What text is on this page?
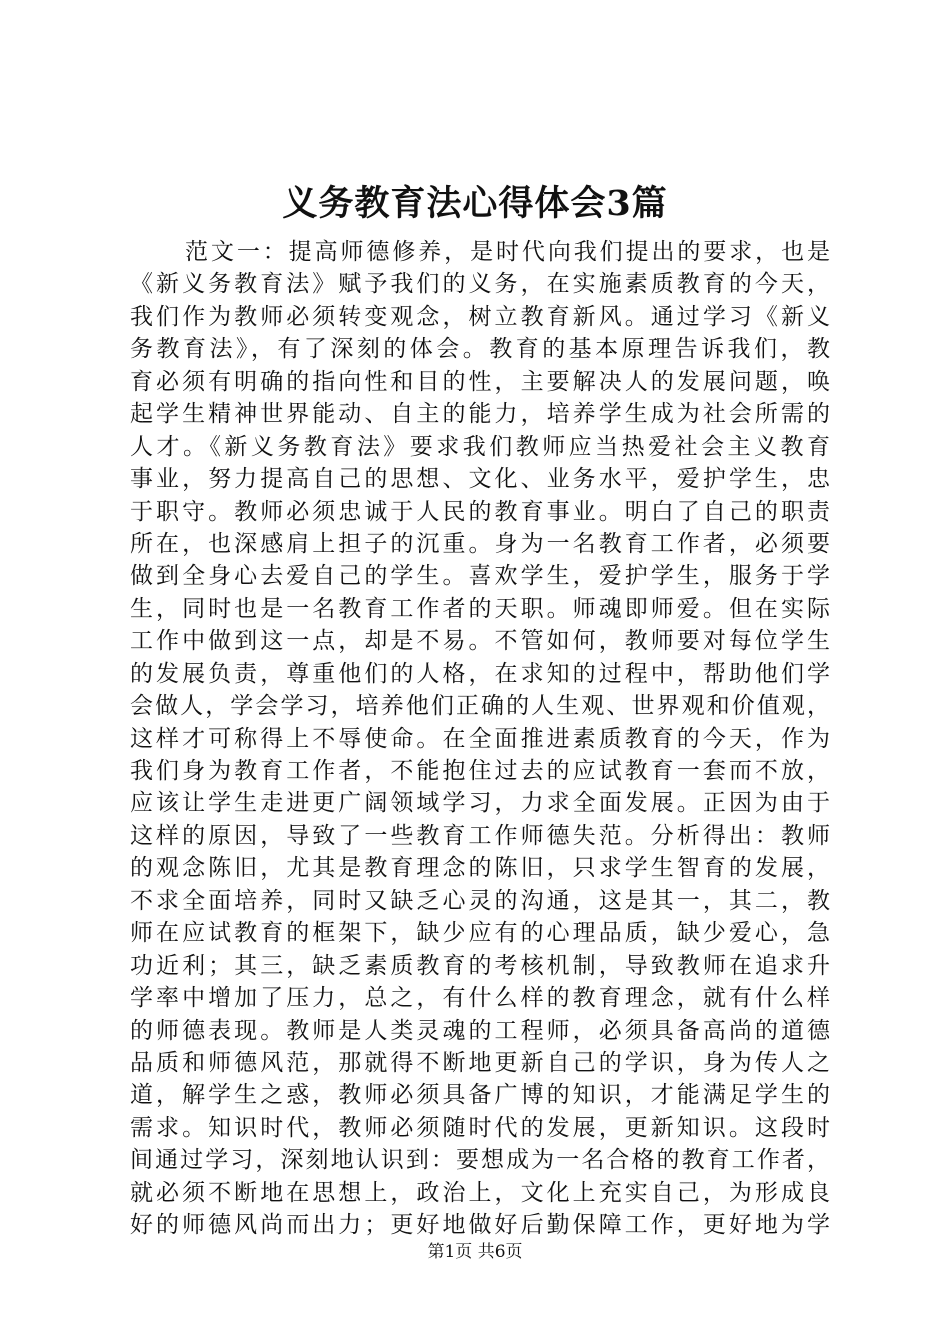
义务教育法心得体会3篇
范文一：提高师德修养，是时代向我们提出的要求，也是
《新义务教育法》赋予我们的义务，在实施素质教育的今天，
我们作为教师必须转变观念，树立教育新风。通过学习《新义
务教育法》，有了深刻的体会。教育的基本原理告诉我们，教
育必须有明确的指向性和目的性，主要解决人的发展问题，唤
起学生精神世界能动、自主的能力，培养学生成为社会所需的
人才。《新义务教育法》要求我们教师应当热爱社会主义教育
事业，努力提高自己的思想、文化、业务水平，爱护学生，忠
于职守。教师必须忠诚于人民的教育事业。明白了自己的职责
所在，也深感肩上担子的沉重。身为一名教育工作者，必须要
做到全身心去爱自己的学生。喜欢学生，爱护学生，服务于学
生，同时也是一名教育工作者的天职。师魂即师爱。但在实际
工作中做到这一点，却是不易。不管如何，教师要对每位学生
的发展负责，尊重他们的人格，在求知的过程中，帮助他们学
会做人，学会学习，培养他们正确的人生观、世界观和价值观，
这样才可称得上不辱使命。在全面推进素质教育的今天，作为
我们身为教育工作者，不能抱住过去的应试教育一套而不放，
应该让学生走进更广阔领域学习，力求全面发展。正因为由于
这样的原因，导致了一些教育工作师德失范。分析得出：教师
的观念陈旧，尤其是教育理念的陈旧，只求学生智育的发展，
不求全面培养，同时又缺乏心灵的沟通，这是其一，其二，教
师在应试教育的框架下，缺少应有的心理品质，缺少爱心，急
功近利；其三，缺乏素质教育的考核机制，导致教师在追求升
学率中增加了压力，总之，有什么样的教育理念，就有什么样
的师德表现。教师是人类灵魂的工程师，必须具备高尚的道德
品质和师德风范，那就得不断地更新自己的学识，身为传人之
道，解学生之惑，教师必须具备广博的知识，才能满足学生的
需求。知识时代，教师必须随时代的发展，更新知识。这段时
间通过学习，深刻地认识到：要想成为一名合格的教育工作者，
就必须不断地在思想上，政治上，文化上充实自己，为形成良
好的师德风尚而出力；更好地做好后勤保障工作，更好地为学
第1页 共6页
